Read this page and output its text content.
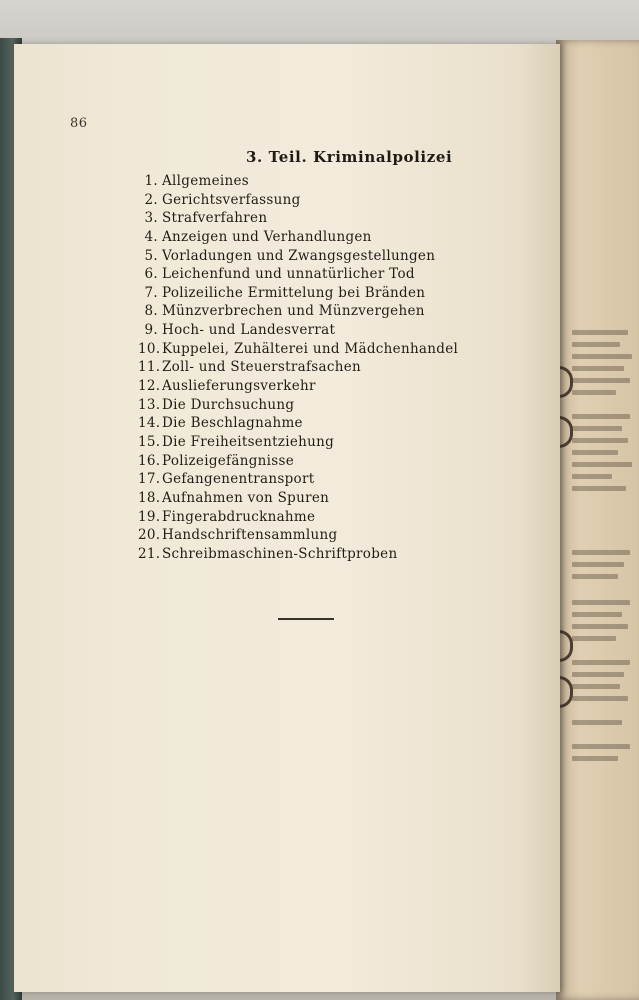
86
3. Teil. Kriminalpolizei
1. Allgemeines
2. Gerichtsverfassung
3. Strafverfahren
4. Anzeigen und Verhandlungen
5. Vorladungen und Zwangsgestellungen
6. Leichenfund und unnatürlicher Tod
7. Polizeiliche Ermittelung bei Bränden
8. Münzverbrechen und Münzvergehen
9. Hoch- und Landesverrat
10. Kuppelei, Zuhälterei und Mädchenhandel
11. Zoll- und Steuerstrafsachen
12. Auslieferungsverkehr
13. Die Durchsuchung
14. Die Beschlagnahme
15. Die Freiheitsentziehung
16. Polizeigefängnisse
17. Gefangenentransport
18. Aufnahmen von Spuren
19. Fingerabdrucknahme
20. Handschriftensammlung
21. Schreibmaschinen-Schriftproben
